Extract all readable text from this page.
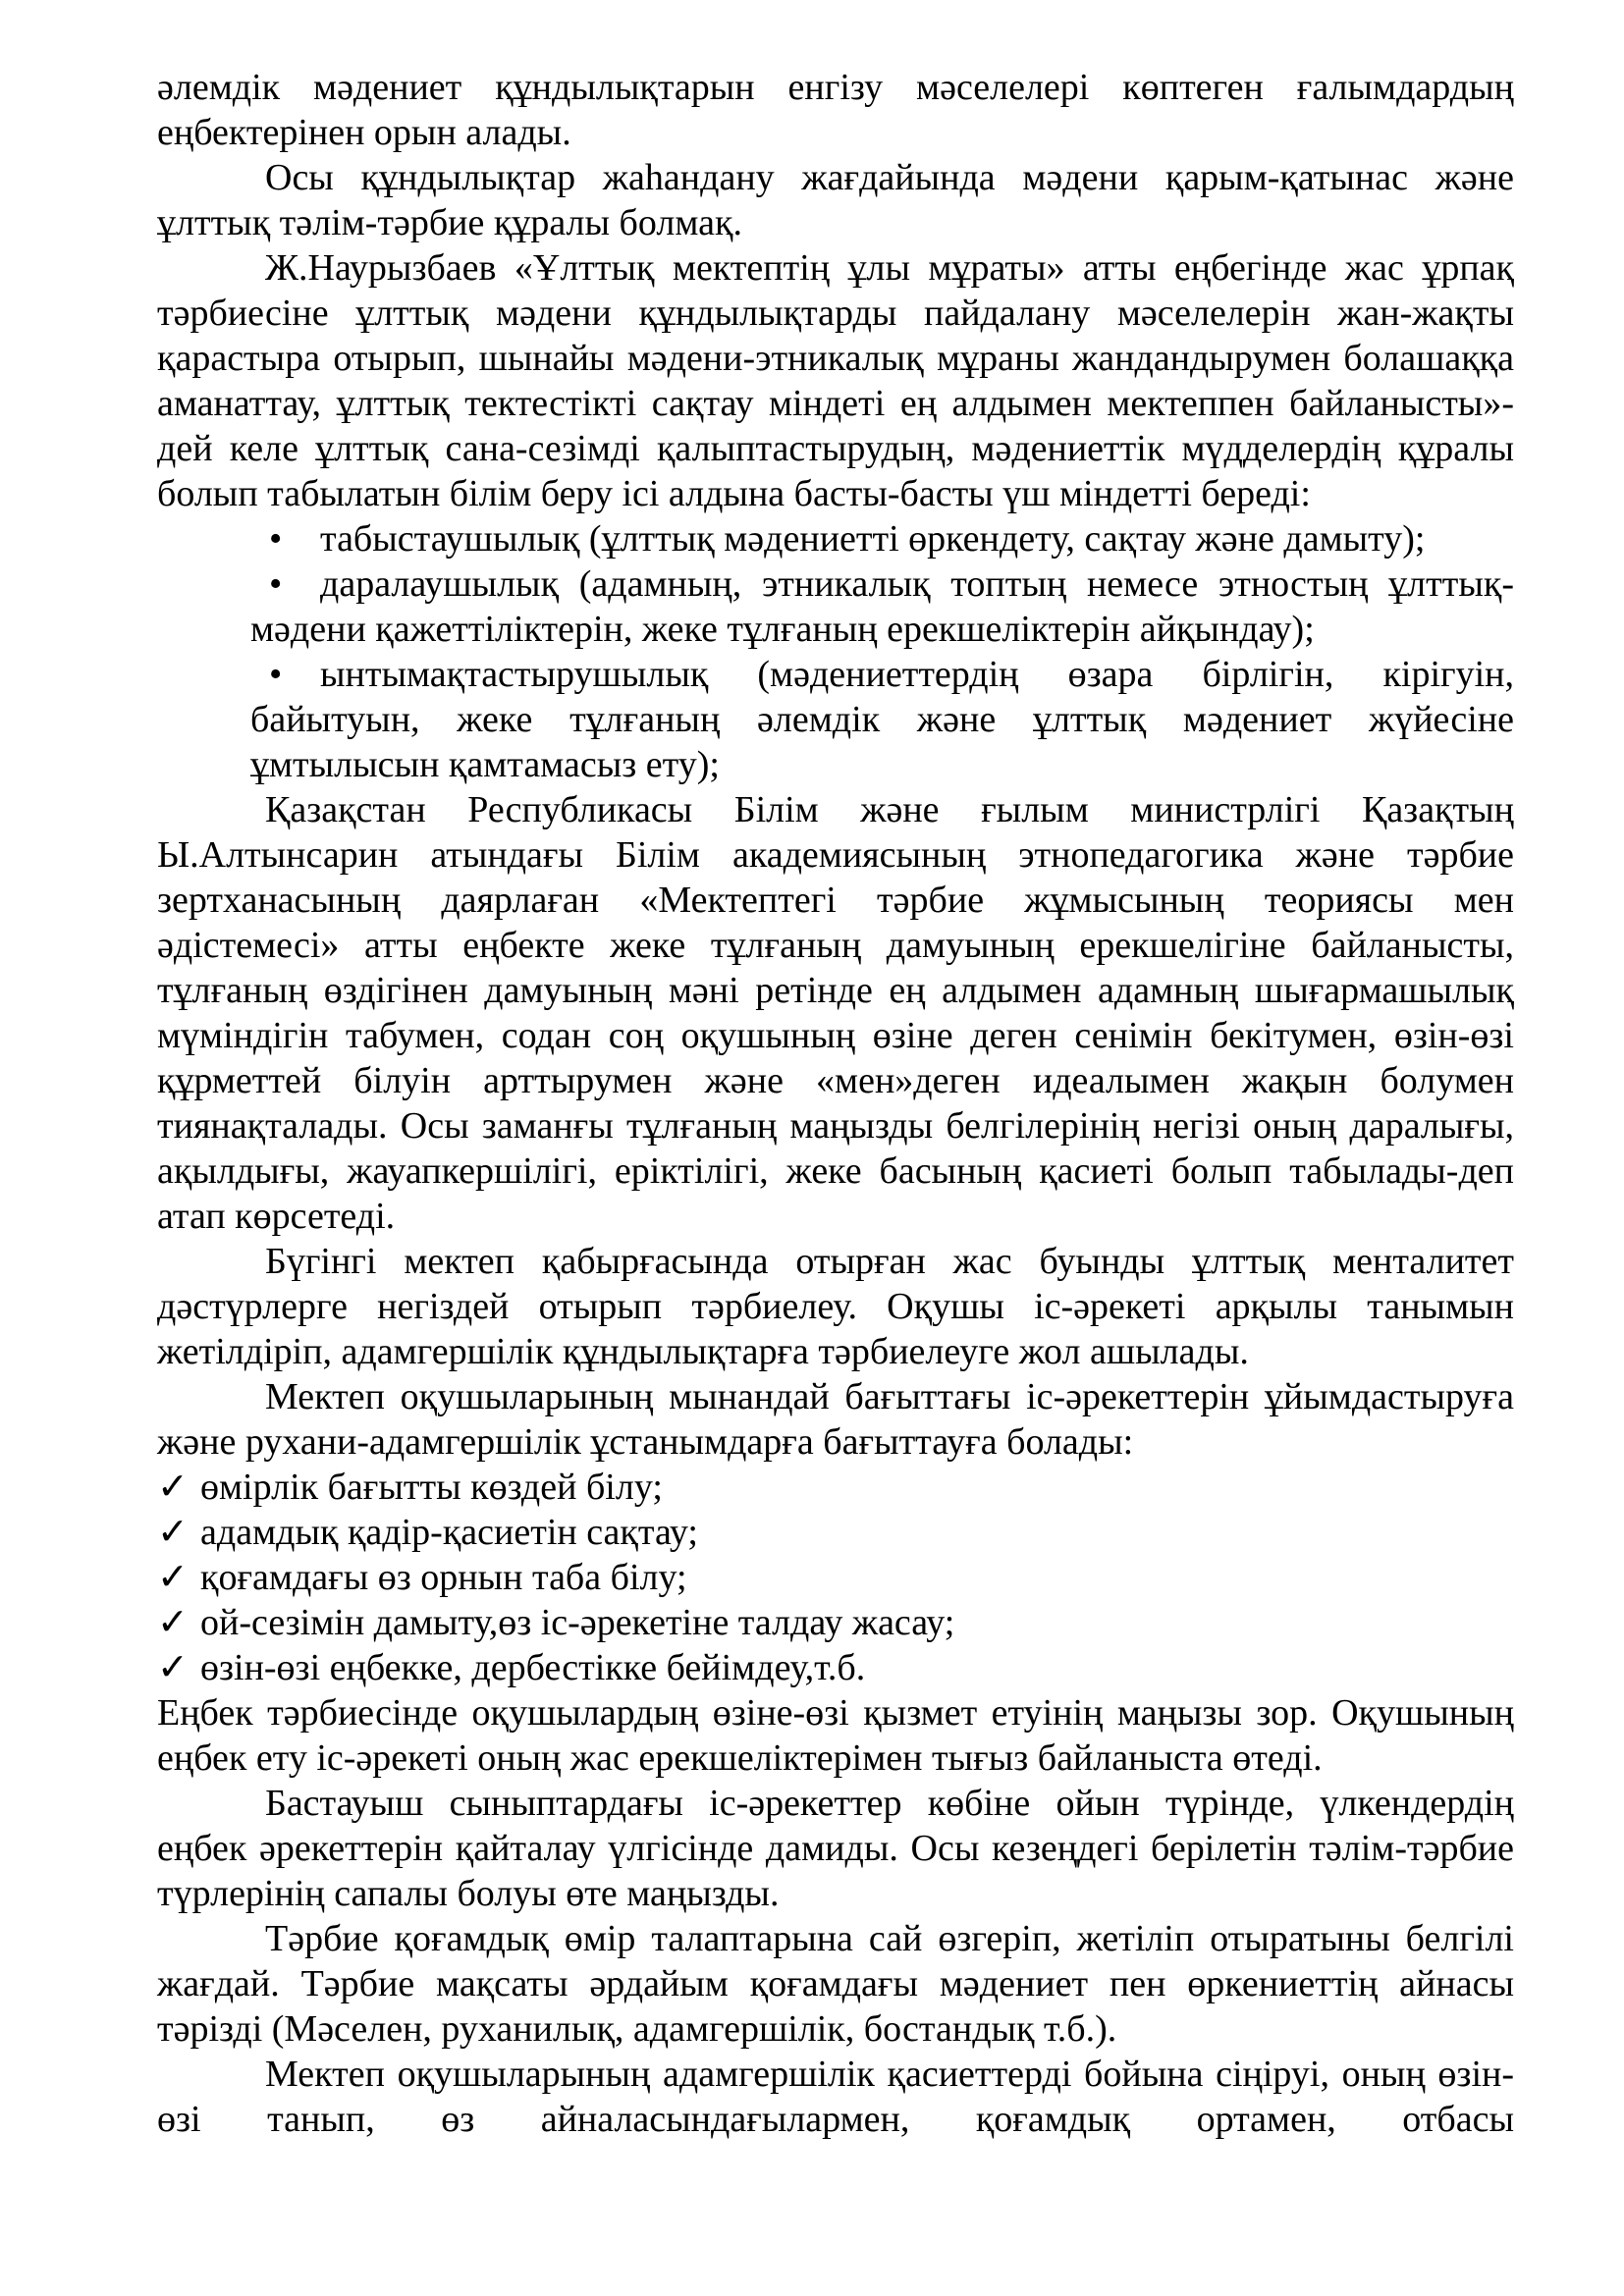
әлемдік мәдениет құндылықтарын енгізу мәселелері көптеген ғалымдардың еңбектерінен орын алады.

Осы құндылықтар жаһандану жағдайында мәдени қарым-қатынас және ұлттық тәлім-тәрбие құралы болмақ.

Ж.Наурызбаев «Ұлттық мектептің ұлы мұраты» атты еңбегінде жас ұрпақ тәрбиесіне ұлттық мәдени құндылықтарды пайдалану мәселелерін жан-жақты қарастыра отырып, шынайы мәдени-этникалық мұраны жандандырумен болашаққа аманаттау, ұлттық тектестікті сақтау міндеті ең алдымен мектеппен байланысты»-дей келе ұлттық сана-сезімді қалыптастырудың, мәдениеттік мүдделердің құралы болып табылатын білім беру ісі алдына басты-басты үш міндетті береді:

• табыстаушылық (ұлттық мәдениетті өркендету, сақтау және дамыту);

• даралаушылық (адамның, этникалық топтың немесе этностың ұлттық-мәдени қажеттіліктерін, жеке тұлғаның ерекшеліктерін айқындау);

• ынтымақтастырушылық (мәдениеттердің өзара бірлігін, кірігуін, байытуын, жеке тұлғаның әлемдік және ұлттық мәдениет жүйесіне ұмтылысын қамтамасыз ету);

Қазақстан Республикасы Білім және ғылым министрлігі Қазақтың Ы.Алтынсарин атындағы Білім академиясының этнопедагогика және тәрбие зертханасының даярлаған «Мектептегі тәрбие жұмысының теориясы мен әдістемесі» атты еңбекте жеке тұлғаның дамуының ерекшелігіне байланысты, тұлғаның өздігінен дамуының мәні ретінде ең алдымен адамның шығармашылық мүміндігін табумен, содан соң оқушының өзіне деген сенімін бекітумен, өзін-өзі құрметтей білуін арттырумен және «мен»деген идеалымен жақын болумен тиянақталады. Осы заманғы тұлғаның маңызды белгілерінің негізі оның даралығы, ақылдығы, жауапкершілігі, еріктілігі, жеке басының қасиеті болып табылады-деп атап көрсетеді.

Бүгінгі мектеп қабырғасында отырған жас буынды ұлттық менталитет дәстүрлерге негіздей отырып тәрбиелеу. Оқушы іс-әрекеті арқылы танымын жетілдіріп, адамгершілік құндылықтарға тәрбиелеуге жол ашылады.

Мектеп оқушыларының мынандай бағыттағы іс-әрекеттерін ұйымдастыруға және рухани-адамгершілік ұстанымдарға бағыттауға болады:

✓ өмірлік бағытты көздей білу;

✓ адамдық қадір-қасиетін сақтау;

✓ қоғамдағы өз орнын таба білу;

✓ ой-сезімін дамыту,өз іс-әрекетіне талдау жасау;

✓ өзін-өзі еңбекке, дербестікке бейімдеу,т.б.

Еңбек тәрбиесінде оқушылардың өзіне-өзі қызмет етуінің маңызы зор. Оқушының еңбек ету іс-әрекеті оның жас ерекшеліктерімен тығыз байланыста өтеді.

Бастауыш сыныптардағы іс-әрекеттер көбіне ойын түрінде, үлкендердің еңбек әрекеттерін қайталау үлгісінде дамиды. Осы кезеңдегі берілетін тәлім-тәрбие түрлерінің сапалы болуы өте маңызды.

Тәрбие қоғамдық өмір талаптарына сай өзгеріп, жетіліп отыратыны белгілі жағдай. Тәрбие мақсаты әрдайым қоғамдағы мәдениет пен өркениеттің айнасы тәрізді (Мәселен, руханилық, адамгершілік, бостандық т.б.).

Мектеп оқушыларының адамгершілік қасиеттерді бойына сіңіруі, оның өзін-өзі танып, өз айналасындағылармен, қоғамдық ортамен, отбасы
